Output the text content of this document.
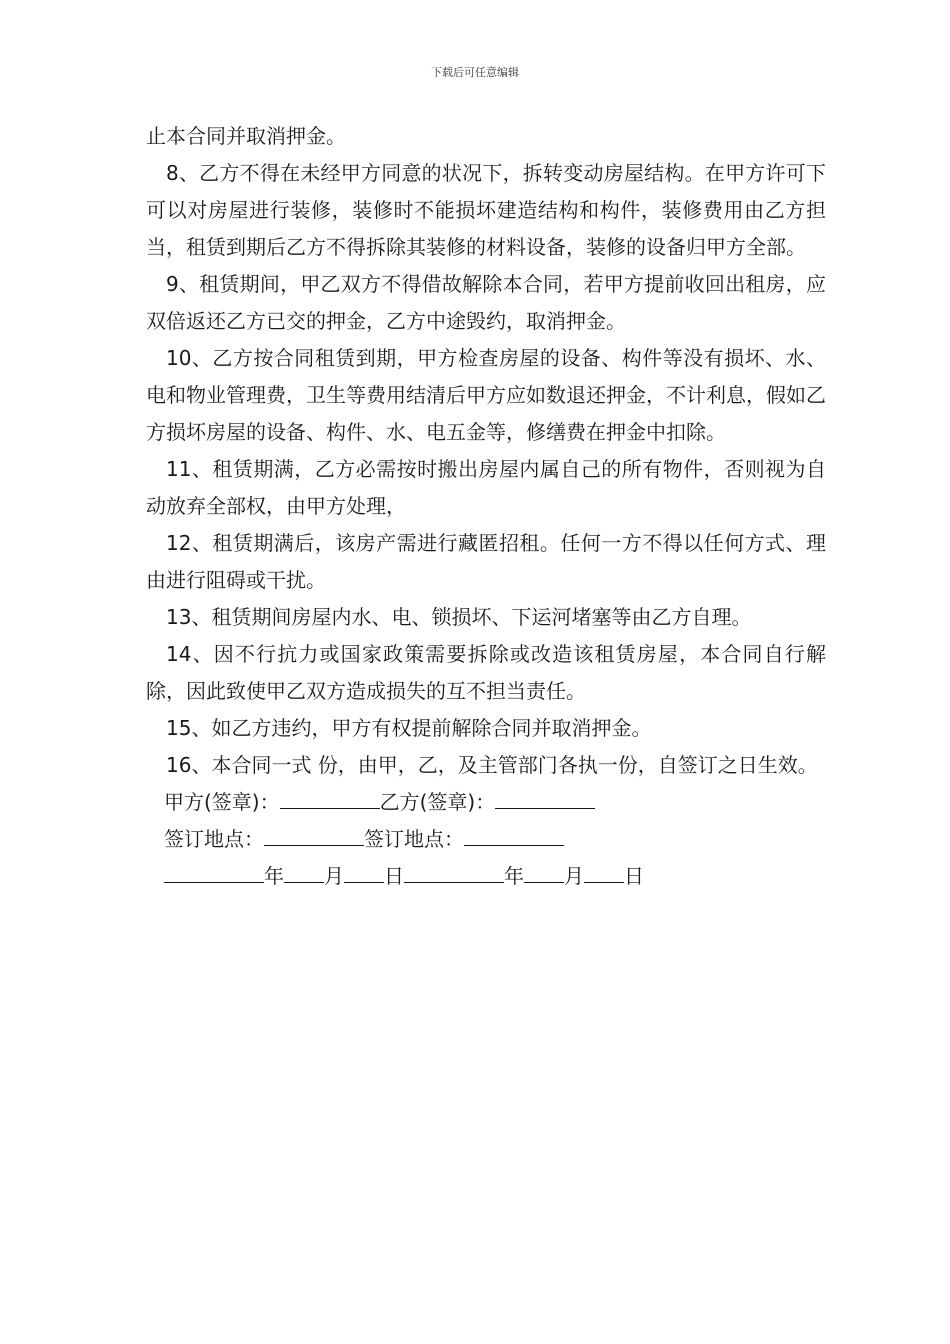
下载后可任意编辑

止本合同并取消押金。

8、乙方不得在未经甲方同意的状况下，拆转变动房屋结构。在甲方许可下可以对房屋进行装修，装修时不能损坏建造结构和构件，装修费用由乙方担当，租赁到期后乙方不得拆除其装修的材料设备，装修的设备归甲方全部。

9、租赁期间，甲乙双方不得借故解除本合同，若甲方提前收回出租房，应双倍返还乙方已交的押金，乙方中途毁约，取消押金。

10、乙方按合同租赁到期，甲方检查房屋的设备、构件等没有损坏、水、电和物业管理费，卫生等费用结清后甲方应如数退还押金，不计利息，假如乙方损坏房屋的设备、构件、水、电五金等，修缮费在押金中扣除。

11、租赁期满，乙方必需按时搬出房屋内属自己的所有物件，否则视为自动放弃全部权，由甲方处理，

12、租赁期满后，该房产需进行藏匿招租。任何一方不得以任何方式、理由进行阻碍或干扰。

13、租赁期间房屋内水、电、锁损坏、下运河堵塞等由乙方自理。

14、因不行抗力或国家政策需要拆除或改造该租赁房屋，本合同自行解除，因此致使甲乙双方造成损失的互不担当责任。

15、如乙方违约，甲方有权提前解除合同并取消押金。

16、本合同一式 份，由甲，乙，及主管部门各执一份，自签订之日生效。

甲方(签章)：	乙方(签章)：

签订地点：	签订地点：

年 月 日	年 月 日
